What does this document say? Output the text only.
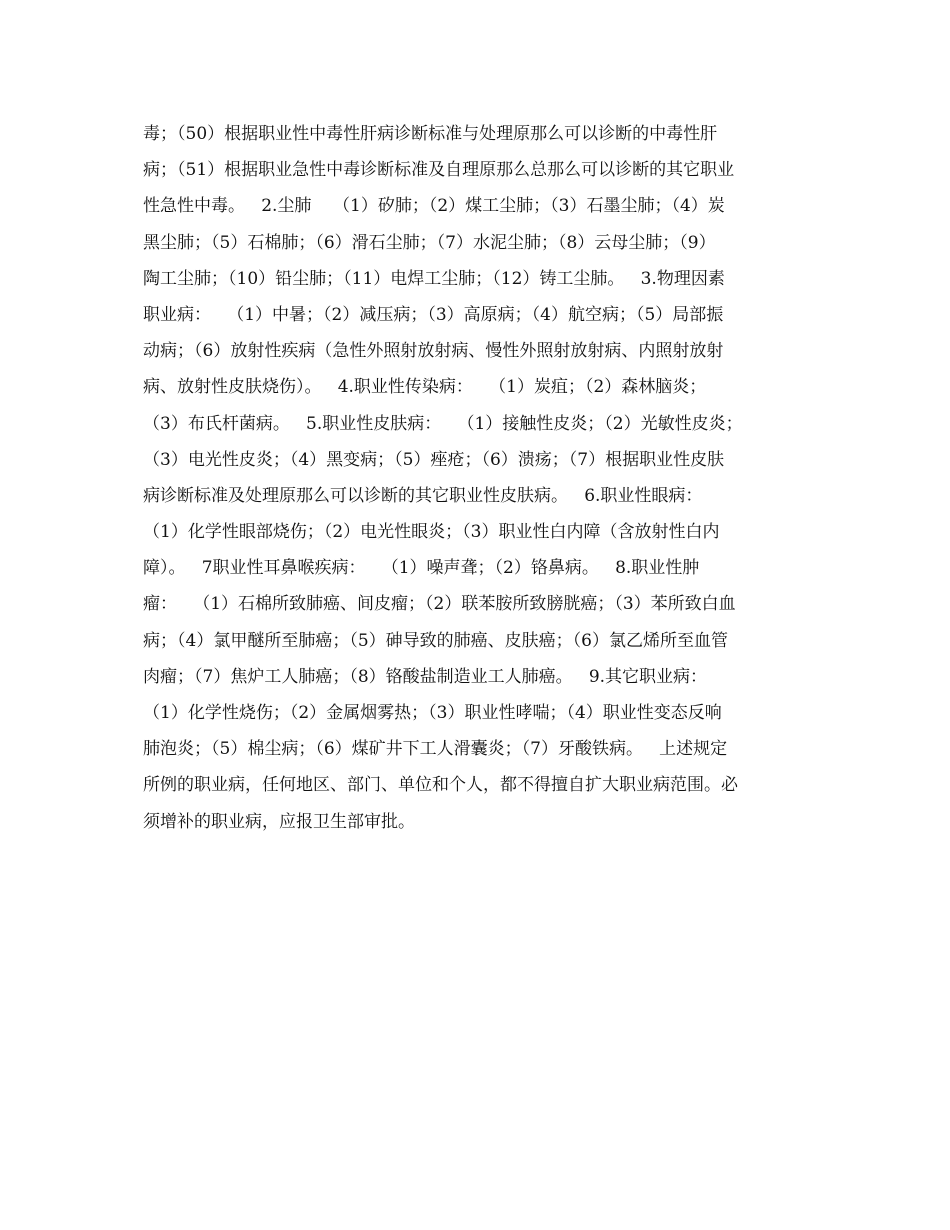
毒；（50）根据职业性中毒性肝病诊断标准与处理原那么可以诊断的中毒性肝
病；（51）根据职业急性中毒诊断标准及自理原那么总那么可以诊断的其它职业
性急性中毒。   2.尘肺    （1）矽肺；（2）煤工尘肺；（3）石墨尘肺；（4）炭
黑尘肺；（5）石棉肺；（6）滑石尘肺；（7）水泥尘肺；（8）云母尘肺；（9）
陶工尘肺；（10）铅尘肺；（11）电焊工尘肺；（12）铸工尘肺。   3.物理因素
职业病：   （1）中暑；（2）减压病；（3）高原病；（4）航空病；（5）局部振
动病；（6）放射性疾病（急性外照射放射病、慢性外照射放射病、内照射放射
病、放射性皮肤烧伤）。   4.职业性传染病：   （1）炭疽；（2）森林脑炎；
（3）布氏杆菌病。   5.职业性皮肤病：   （1）接触性皮炎；（2）光敏性皮炎；
（3）电光性皮炎；（4）黑变病；（5）痤疮；（6）溃疡；（7）根据职业性皮肤
病诊断标准及处理原那么可以诊断的其它职业性皮肤病。   6.职业性眼病：
（1）化学性眼部烧伤；（2）电光性眼炎；（3）职业性白内障（含放射性白内
障）。   7职业性耳鼻喉疾病：   （1）噪声聋；（2）铬鼻病。   8.职业性肿
瘤：   （1）石棉所致肺癌、间皮瘤；（2）联苯胺所致膀胱癌；（3）苯所致白血
病；（4）氯甲醚所至肺癌；（5）砷导致的肺癌、皮肤癌；（6）氯乙烯所至血管
肉瘤；（7）焦炉工人肺癌；（8）铬酸盐制造业工人肺癌。   9.其它职业病：
（1）化学性烧伤；（2）金属烟雾热；（3）职业性哮喘；（4）职业性变态反响
肺泡炎；（5）棉尘病；（6）煤矿井下工人滑囊炎；（7）牙酸铁病。   上述规定
所例的职业病，任何地区、部门、单位和个人，都不得擅自扩大职业病范围。必
须增补的职业病，应报卫生部审批。
